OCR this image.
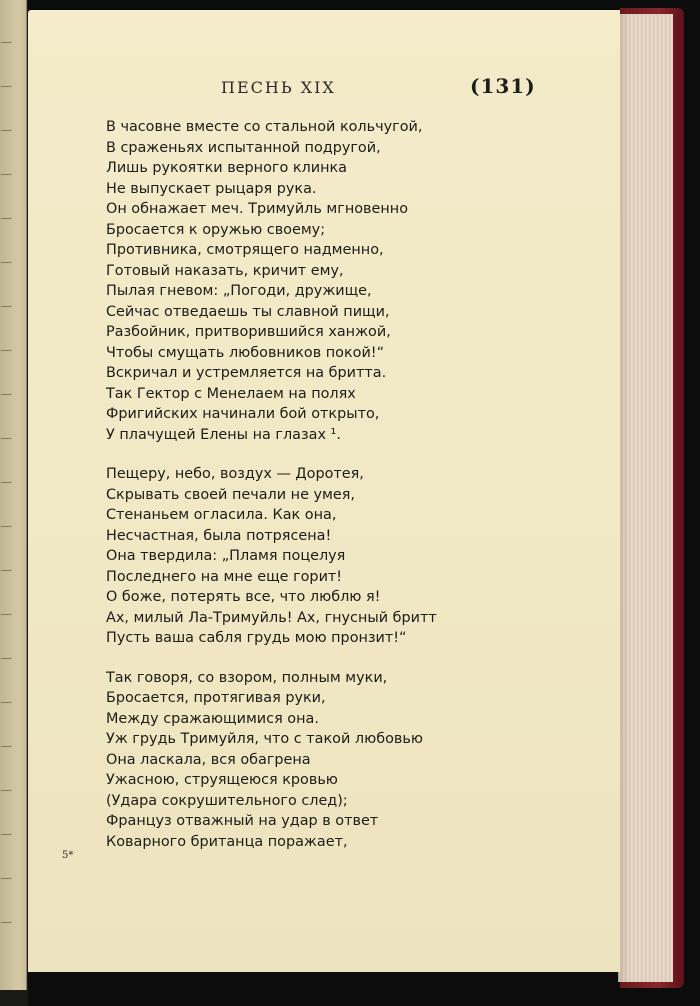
—
—
—
—
—
—
—
—
—
—
—
—
—
—
—
—
—
—
—
—
—
ПЕСНЬ XIX	(131)
В часовне вместе со стальной кольчугой,
В сраженьях испытанной подругой,
Лишь рукоятки верного клинка
Не выпускает рыцаря рука.
Он обнажает меч. Тримуйль мгновенно
Бросается к оружью своему;
Противника, смотрящего надменно,
Готовый наказать, кричит ему,
Пылая гневом: „Погоди, дружище,
Сейчас отведаешь ты славной пищи,
Разбойник, притворившийся ханжой,
Чтобы смущать любовников покой!“
Вскричал и устремляется на бритта.
Так Гектор с Менелаем на полях
Фригийских начинали бой открыто,
У плачущей Елены на глазах ¹.
Пещеру, небо, воздух — Доротея,
Скрывать своей печали не умея,
Стенаньем огласила. Как она,
Несчастная, была потрясена!
Она твердила: „Пламя поцелуя
Последнего на мне еще горит!
О боже, потерять все, что люблю я!
Ах, милый Ла-Тримуйль! Ах, гнусный бритт
Пусть ваша сабля грудь мою пронзит!“
Так говоря, со взором, полным муки,
Бросается, протягивая руки,
Между сражающимися она.
Уж грудь Тримуйля, что с такой любовью
Она ласкала, вся обагрена
Ужасною, струящеюся кровью
(Удара сокрушительного след);
Француз отважный на удар в ответ
Коварного британца поражает,
5*
